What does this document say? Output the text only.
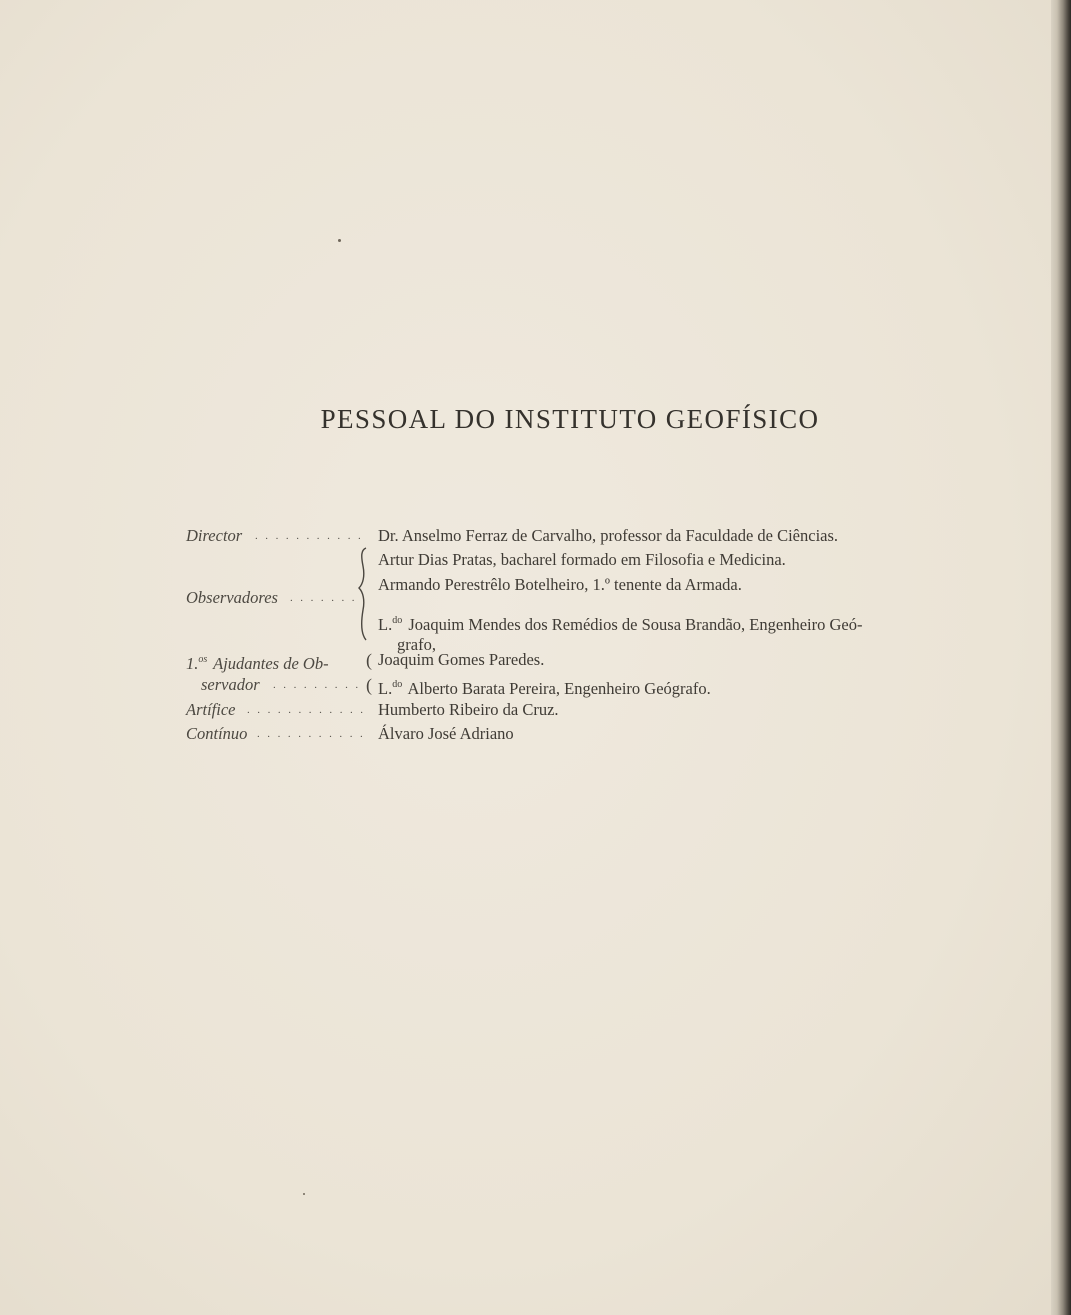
PESSOAL DO INSTITUTO GEOFÍSICO
Director . . . . . . . . . . . Dr. Anselmo Ferraz de Carvalho, professor da Faculdade de Ciências.
Artur Dias Pratas, bacharel formado em Filosofia e Medicina.
Armando Perestrêlo Botelheiro, 1.º tenente da Armada.
Observadores . . . . . . .
L.$^{do}$ Joaquim Mendes dos Remédios de Sousa Brandão, Engenheiro Geó-
grafo,
1.$^{os}$ Ajudantes de Ob- ( Joaquim Gomes Paredes.
servador . . . . . . . . . ( L.$^{do}$ Alberto Barata Pereira, Engenheiro Geógrafo.
Artífice . . . . . . . . . . . . Humberto Ribeiro da Cruz.
Contínuo . . . . . . . . . . . Álvaro José Adriano
